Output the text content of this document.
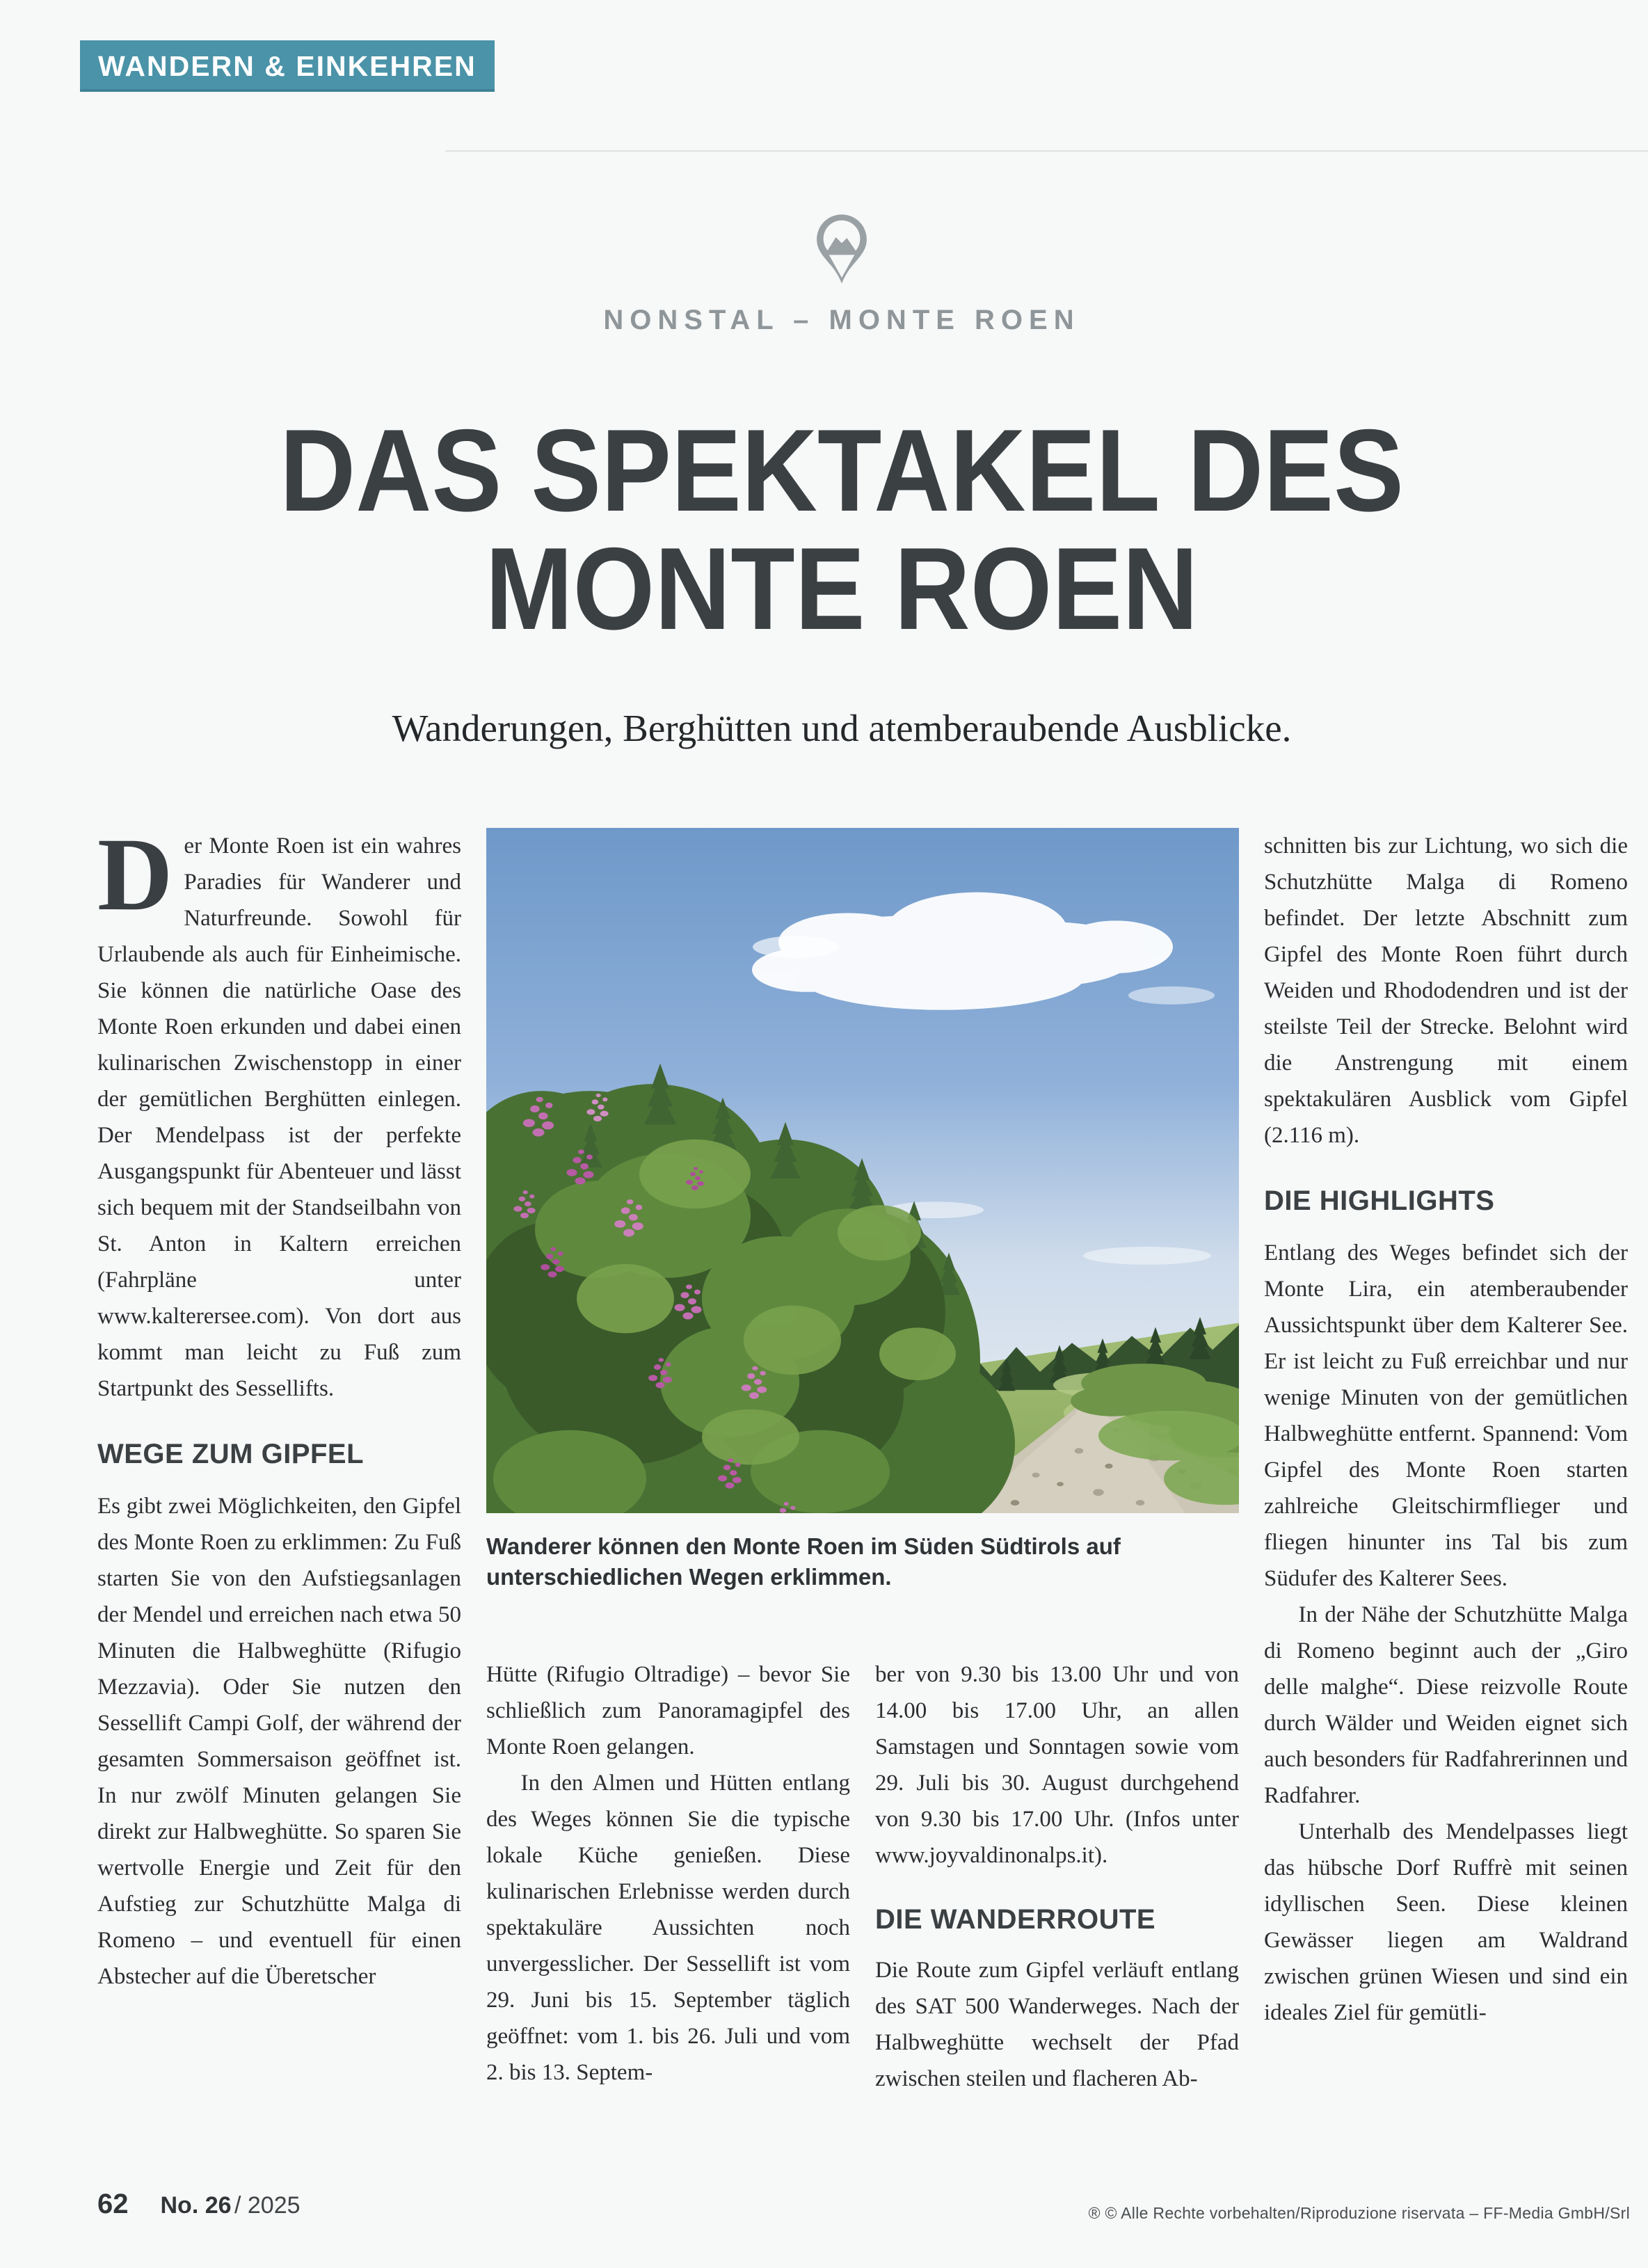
WANDERN & EINKEHREN
NONSTAL – MONTE ROEN
DAS SPEKTAKEL DES
MONTE ROEN
Wanderungen, Berghütten und atemberaubende Ausblicke.

Der Monte Roen ist ein wahres Paradies für Wanderer und Naturfreunde. Sowohl für Urlaubende als auch für Einheimische. Sie können die natürliche Oase des Monte Roen erkunden und dabei einen kulinarischen Zwischenstopp in einer der gemütlichen Berghütten einlegen. Der Mendelpass ist der perfekte Ausgangspunkt für Abenteuer und lässt sich bequem mit der Standseilbahn von St. Anton in Kaltern erreichen (Fahrpläne unter www.kalterersee.com). Von dort aus kommt man leicht zu Fuß zum Startpunkt des Sessellifts.

WEGE ZUM GIPFEL

Es gibt zwei Möglichkeiten, den Gipfel des Monte Roen zu erklimmen: Zu Fuß starten Sie von den Aufstiegsanlagen der Mendel und erreichen nach etwa 50 Minuten die Halbweghütte (Rifugio Mezzavia). Oder Sie nutzen den Sessellift Campi Golf, der während der gesamten Sommersaison geöffnet ist. In nur zwölf Minuten gelangen Sie direkt zur Halbweghütte. So sparen Sie wertvolle Energie und Zeit für den Aufstieg zur Schutzhütte Malga di Romeno – und eventuell für einen Abstecher auf die Überetscher

Wanderer können den Monte Roen im Süden Südtirols auf unterschiedlichen Wegen erklimmen.

Hütte (Rifugio Oltradige) – bevor Sie schließlich zum Panoramagipfel des Monte Roen gelangen.

In den Almen und Hütten entlang des Weges können Sie die typische lokale Küche genießen. Diese kulinarischen Erlebnisse werden durch spektakuläre Aussichten noch unvergesslicher. Der Sessellift ist vom 29. Juni bis 15. September täglich geöffnet: vom 1. bis 26. Juli und vom 2. bis 13. Septem-

ber von 9.30 bis 13.00 Uhr und von 14.00 bis 17.00 Uhr, an allen Samstagen und Sonntagen sowie vom 29. Juli bis 30. August durchgehend von 9.30 bis 17.00 Uhr. (Infos unter www.joyvaldinonalps.it).

DIE WANDERROUTE

Die Route zum Gipfel verläuft entlang des SAT 500 Wanderweges. Nach der Halbweghütte wechselt der Pfad zwischen steilen und flacheren Ab-

schnitten bis zur Lichtung, wo sich die Schutzhütte Malga di Romeno befindet. Der letzte Abschnitt zum Gipfel des Monte Roen führt durch Weiden und Rhododendren und ist der steilste Teil der Strecke. Belohnt wird die Anstrengung mit einem spektakulären Ausblick vom Gipfel (2.116 m).

DIE HIGHLIGHTS

Entlang des Weges befindet sich der Monte Lira, ein atemberaubender Aussichtspunkt über dem Kalterer See. Er ist leicht zu Fuß erreichbar und nur wenige Minuten von der gemütlichen Halbweghütte entfernt. Spannend: Vom Gipfel des Monte Roen starten zahlreiche Gleitschirmflieger und fliegen hinunter ins Tal bis zum Südufer des Kalterer Sees.

In der Nähe der Schutzhütte Malga di Romeno beginnt auch der „Giro delle malghe“. Diese reizvolle Route durch Wälder und Weiden eignet sich auch besonders für Radfahrerinnen und Radfahrer.

Unterhalb des Mendelpasses liegt das hübsche Dorf Ruffrè mit seinen idyllischen Seen. Diese kleinen Gewässer liegen am Waldrand zwischen grünen Wiesen und sind ein ideales Ziel für gemütli-

62 No. 26 / 2025	® © Alle Rechte vorbehalten/Riproduzione riservata – FF-Media GmbH/Srl
